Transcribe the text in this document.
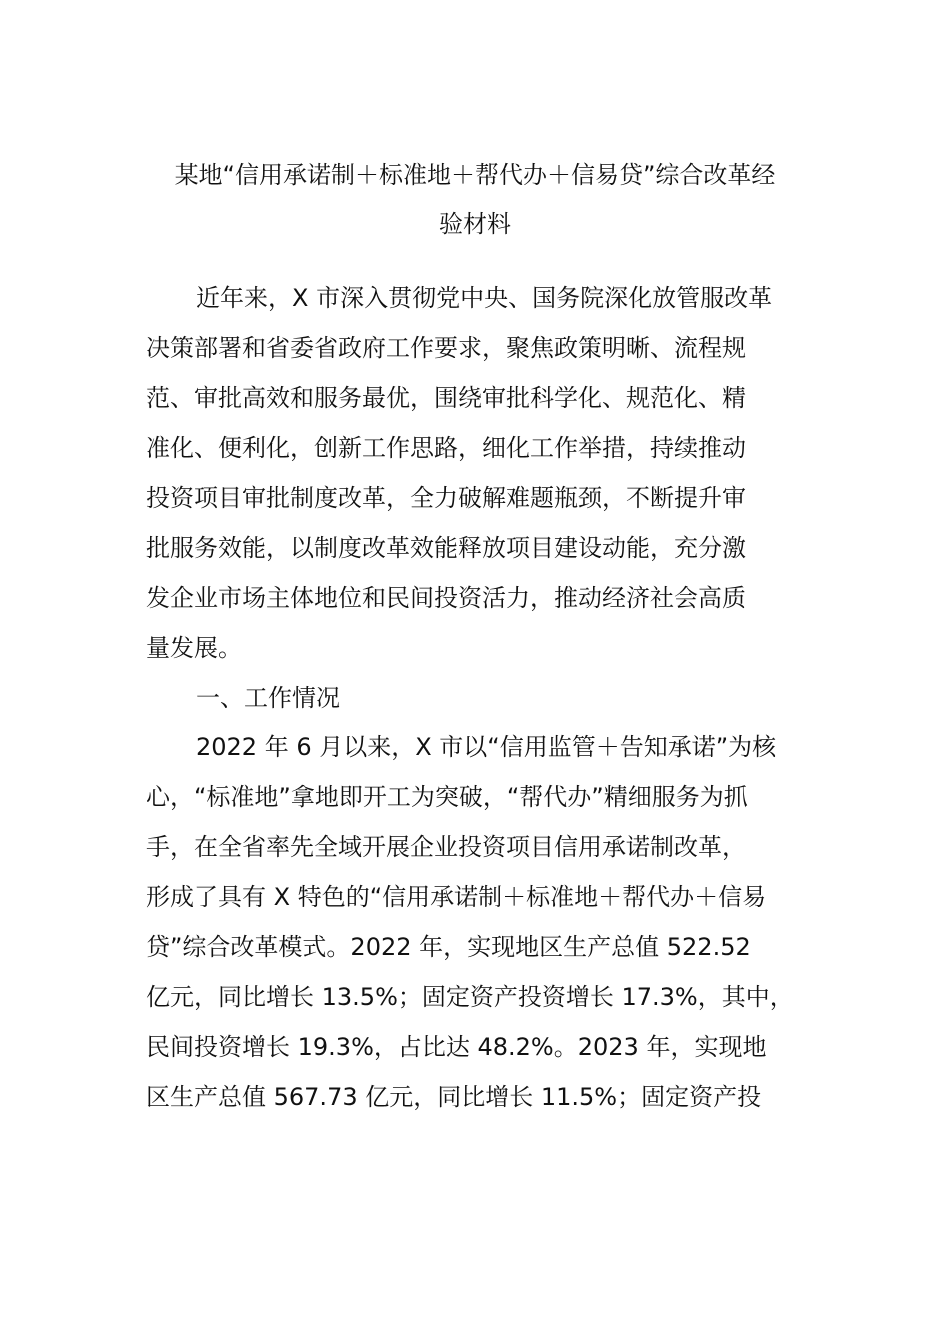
某地“信用承诺制＋标准地＋帮代办＋信易贷”综合改革经
验材料
近年来，X 市深入贯彻党中央、国务院深化放管服改革
决策部署和省委省政府工作要求，聚焦政策明晰、流程规
范、审批高效和服务最优，围绕审批科学化、规范化、精
准化、便利化，创新工作思路，细化工作举措，持续推动
投资项目审批制度改革，全力破解难题瓶颈，不断提升审
批服务效能，以制度改革效能释放项目建设动能，充分激
发企业市场主体地位和民间投资活力，推动经济社会高质
量发展。
一、工作情况
2022 年 6 月以来，X 市以“信用监管＋告知承诺”为核
心，“标准地”拿地即开工为突破，“帮代办”精细服务为抓
手，在全省率先全域开展企业投资项目信用承诺制改革，
形成了具有 X 特色的“信用承诺制＋标准地＋帮代办＋信易
贷”综合改革模式。2022 年，实现地区生产总值 522.52
亿元，同比增长 13.5%；固定资产投资增长 17.3%，其中，
民间投资增长 19.3%，占比达 48.2%。2023 年，实现地
区生产总值 567.73 亿元，同比增长 11.5%；固定资产投
